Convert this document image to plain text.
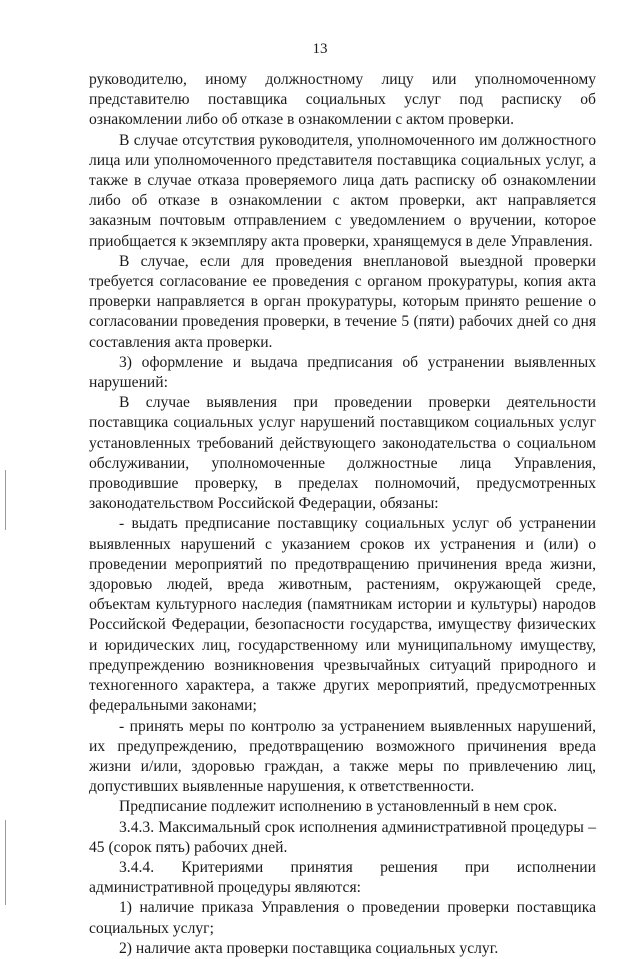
13

руководителю, иному должностному лицу или уполномоченному представителю поставщика социальных услуг под расписку об ознакомлении либо об отказе в ознакомлении с актом проверки.

В случае отсутствия руководителя, уполномоченного им должностного лица или уполномоченного представителя поставщика социальных услуг, а также в случае отказа проверяемого лица дать расписку об ознакомлении либо об отказе в ознакомлении с актом проверки, акт направляется заказным почтовым отправлением с уведомлением о вручении, которое приобщается к экземпляру акта проверки, хранящемуся в деле Управления.

В случае, если для проведения внеплановой выездной проверки требуется согласование ее проведения с органом прокуратуры, копия акта проверки направляется в орган прокуратуры, которым принято решение о согласовании проведения проверки, в течение 5 (пяти) рабочих дней со дня составления акта проверки.

3) оформление и выдача предписания об устранении выявленных нарушений:

В случае выявления при проведении проверки деятельности поставщика социальных услуг нарушений поставщиком социальных услуг установленных требований действующего законодательства о социальном обслуживании, уполномоченные должностные лица Управления, проводившие проверку, в пределах полномочий, предусмотренных законодательством Российской Федерации, обязаны:

- выдать предписание поставщику социальных услуг об устранении выявленных нарушений с указанием сроков их устранения и (или) о проведении мероприятий по предотвращению причинения вреда жизни, здоровью людей, вреда животным, растениям, окружающей среде, объектам культурного наследия (памятникам истории и культуры) народов Российской Федерации, безопасности государства, имуществу физических и юридических лиц, государственному или муниципальному имуществу, предупреждению возникновения чрезвычайных ситуаций природного и техногенного характера, а также других мероприятий, предусмотренных федеральными законами;

- принять меры по контролю за устранением выявленных нарушений, их предупреждению, предотвращению возможного причинения вреда жизни и/или, здоровью граждан, а также меры по привлечению лиц, допустивших выявленные нарушения, к ответственности.

Предписание подлежит исполнению в установленный в нем срок.

3.4.3. Максимальный срок исполнения административной процедуры – 45 (сорок пять) рабочих дней.

3.4.4. Критериями принятия решения при исполнении административной процедуры являются:

1) наличие приказа Управления о проведении проверки поставщика социальных услуг;

2) наличие акта проверки поставщика социальных услуг.
